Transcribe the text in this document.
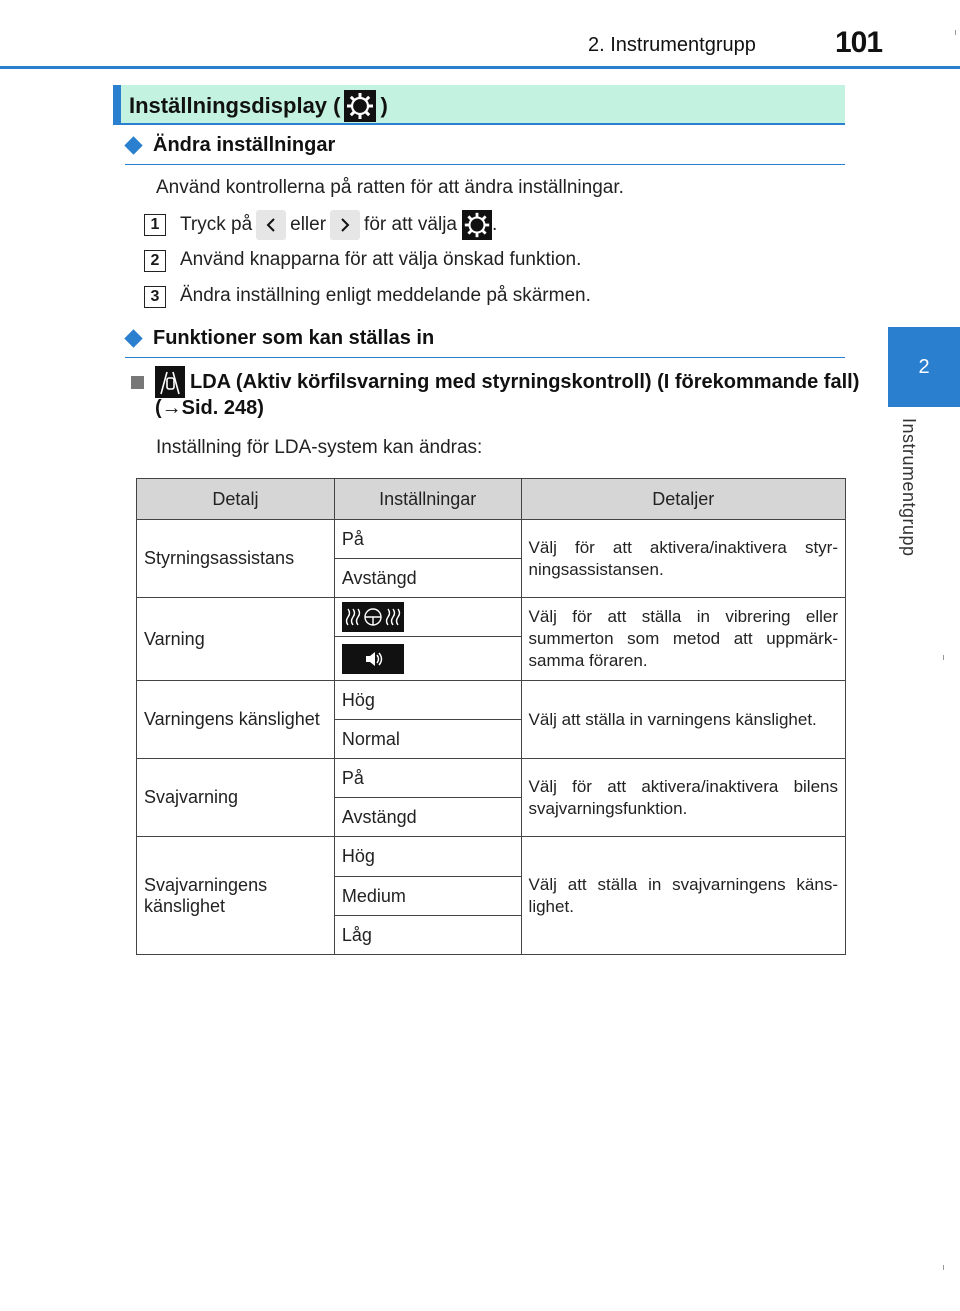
2. Instrumentgrupp	101
2
Instrumentgrupp
Inställningsdisplay ( )
Ändra inställningar
Använd kontrollerna på ratten för att ändra inställningar.
1	Tryck på eller för att välja .
2	Använd knapparna för att välja önskad funktion.
3	Ändra inställning enligt meddelande på skärmen.
Funktioner som kan ställas in
LDA (Aktiv körfilsvarning med styrningskontroll) (I förekommande fall)
(→Sid. 248)
Inställning för LDA-system kan ändras:
Detalj	Inställningar	Detaljer
Styrningsassistans	På	Välj för att aktivera/inaktivera styr-ningsassistansen.
	Avstängd	
Varning		Välj för att ställa in vibrering eller summerton som metod att uppmärk-samma föraren.

Varningens känslighet	Hög	Välj att ställa in varningens känslighet.
	Normal	
Svajvarning	På	Välj för att aktivera/inaktivera bilens svajvarningsfunktion.
	Avstängd	
Svajvarningens känslighet	Hög	Välj att ställa in svajvarningens käns-lighet.
	Medium	
	Låg	
